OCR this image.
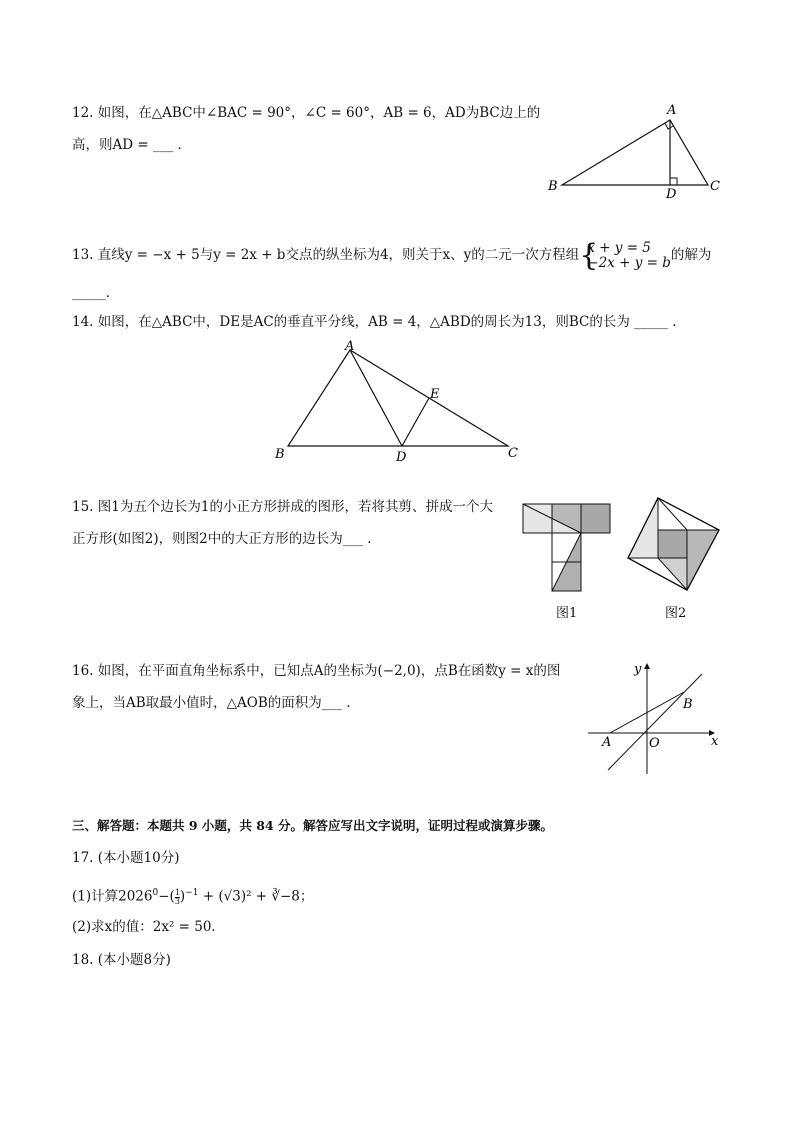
12. 如图，在△ABC中∠BAC = 90°，∠C = 60°，AB = 6，AD为BC边上的
高，则AD = ___ ．
A
B	C
D
13. 直线y = −x + 5与y = 2x + b交点的纵坐标为4，则关于x、y的二元一次方程组 {
x + y = 5
−2x + y = b 的解为
_____．
14. 如图，在△ABC中，DE是AC的垂直平分线，AB = 4，△ABD的周长为13，则BC的长为 _____ ．
A
B	C
D
E
15. 图1为五个边长为1的小正方形拼成的图形，若将其剪、拼成一个大
正方形(如图2)，则图2中的大正方形的边长为___ ．
图1	图2
16. 如图，在平面直角坐标系中，已知点A的坐标为(−2,0)，点B在函数y = x的图
象上，当AB取最小值时，△AOB的面积为___ ．
A
B
O	x
y
三、解答题：本题共 9 小题，共 84 分。解答应写出文字说明，证明过程或演算步骤。
17. (本小题10分)
(1)计算$2026^0-( \frac{1}{3} )^{-1} + (√3)^2$ + ∛−8；
(2)求x的值：2x² = 50．
18. (本小题8分)
